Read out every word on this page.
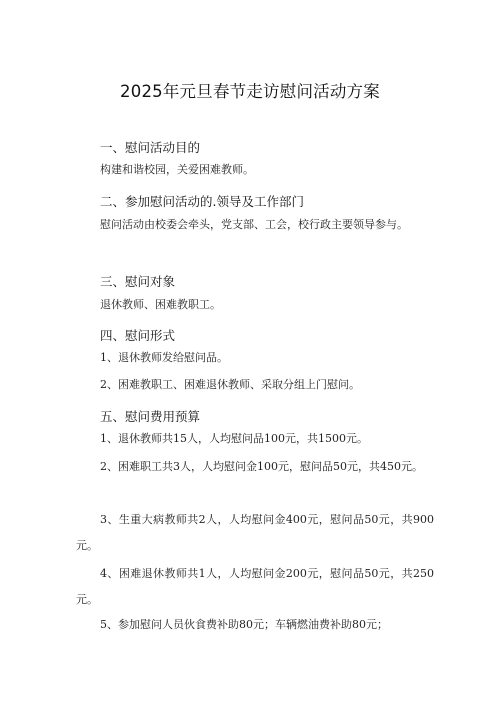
2025年元旦春节走访慰问活动方案
一、慰问活动目的
构建和谐校园，关爱困难教师。
二、参加慰问活动的.领导及工作部门
慰问活动由校委会牵头，党支部、工会，校行政主要领导参与。
三、慰问对象
退休教师、困难教职工。
四、慰问形式
1、退休教师发给慰问品。
2、困难教职工、困难退休教师、采取分组上门慰问。
五、慰问费用预算
1、退休教师共15人，人均慰问品100元，共1500元。
2、困难职工共3人，人均慰问金100元，慰问品50元，共450元。
3、生重大病教师共2人，人均慰问金400元，慰问品50元，共900元。
4、困难退休教师共1人，人均慰问金200元，慰问品50元，共250元。
5、参加慰问人员伙食费补助80元；车辆燃油费补助80元；
